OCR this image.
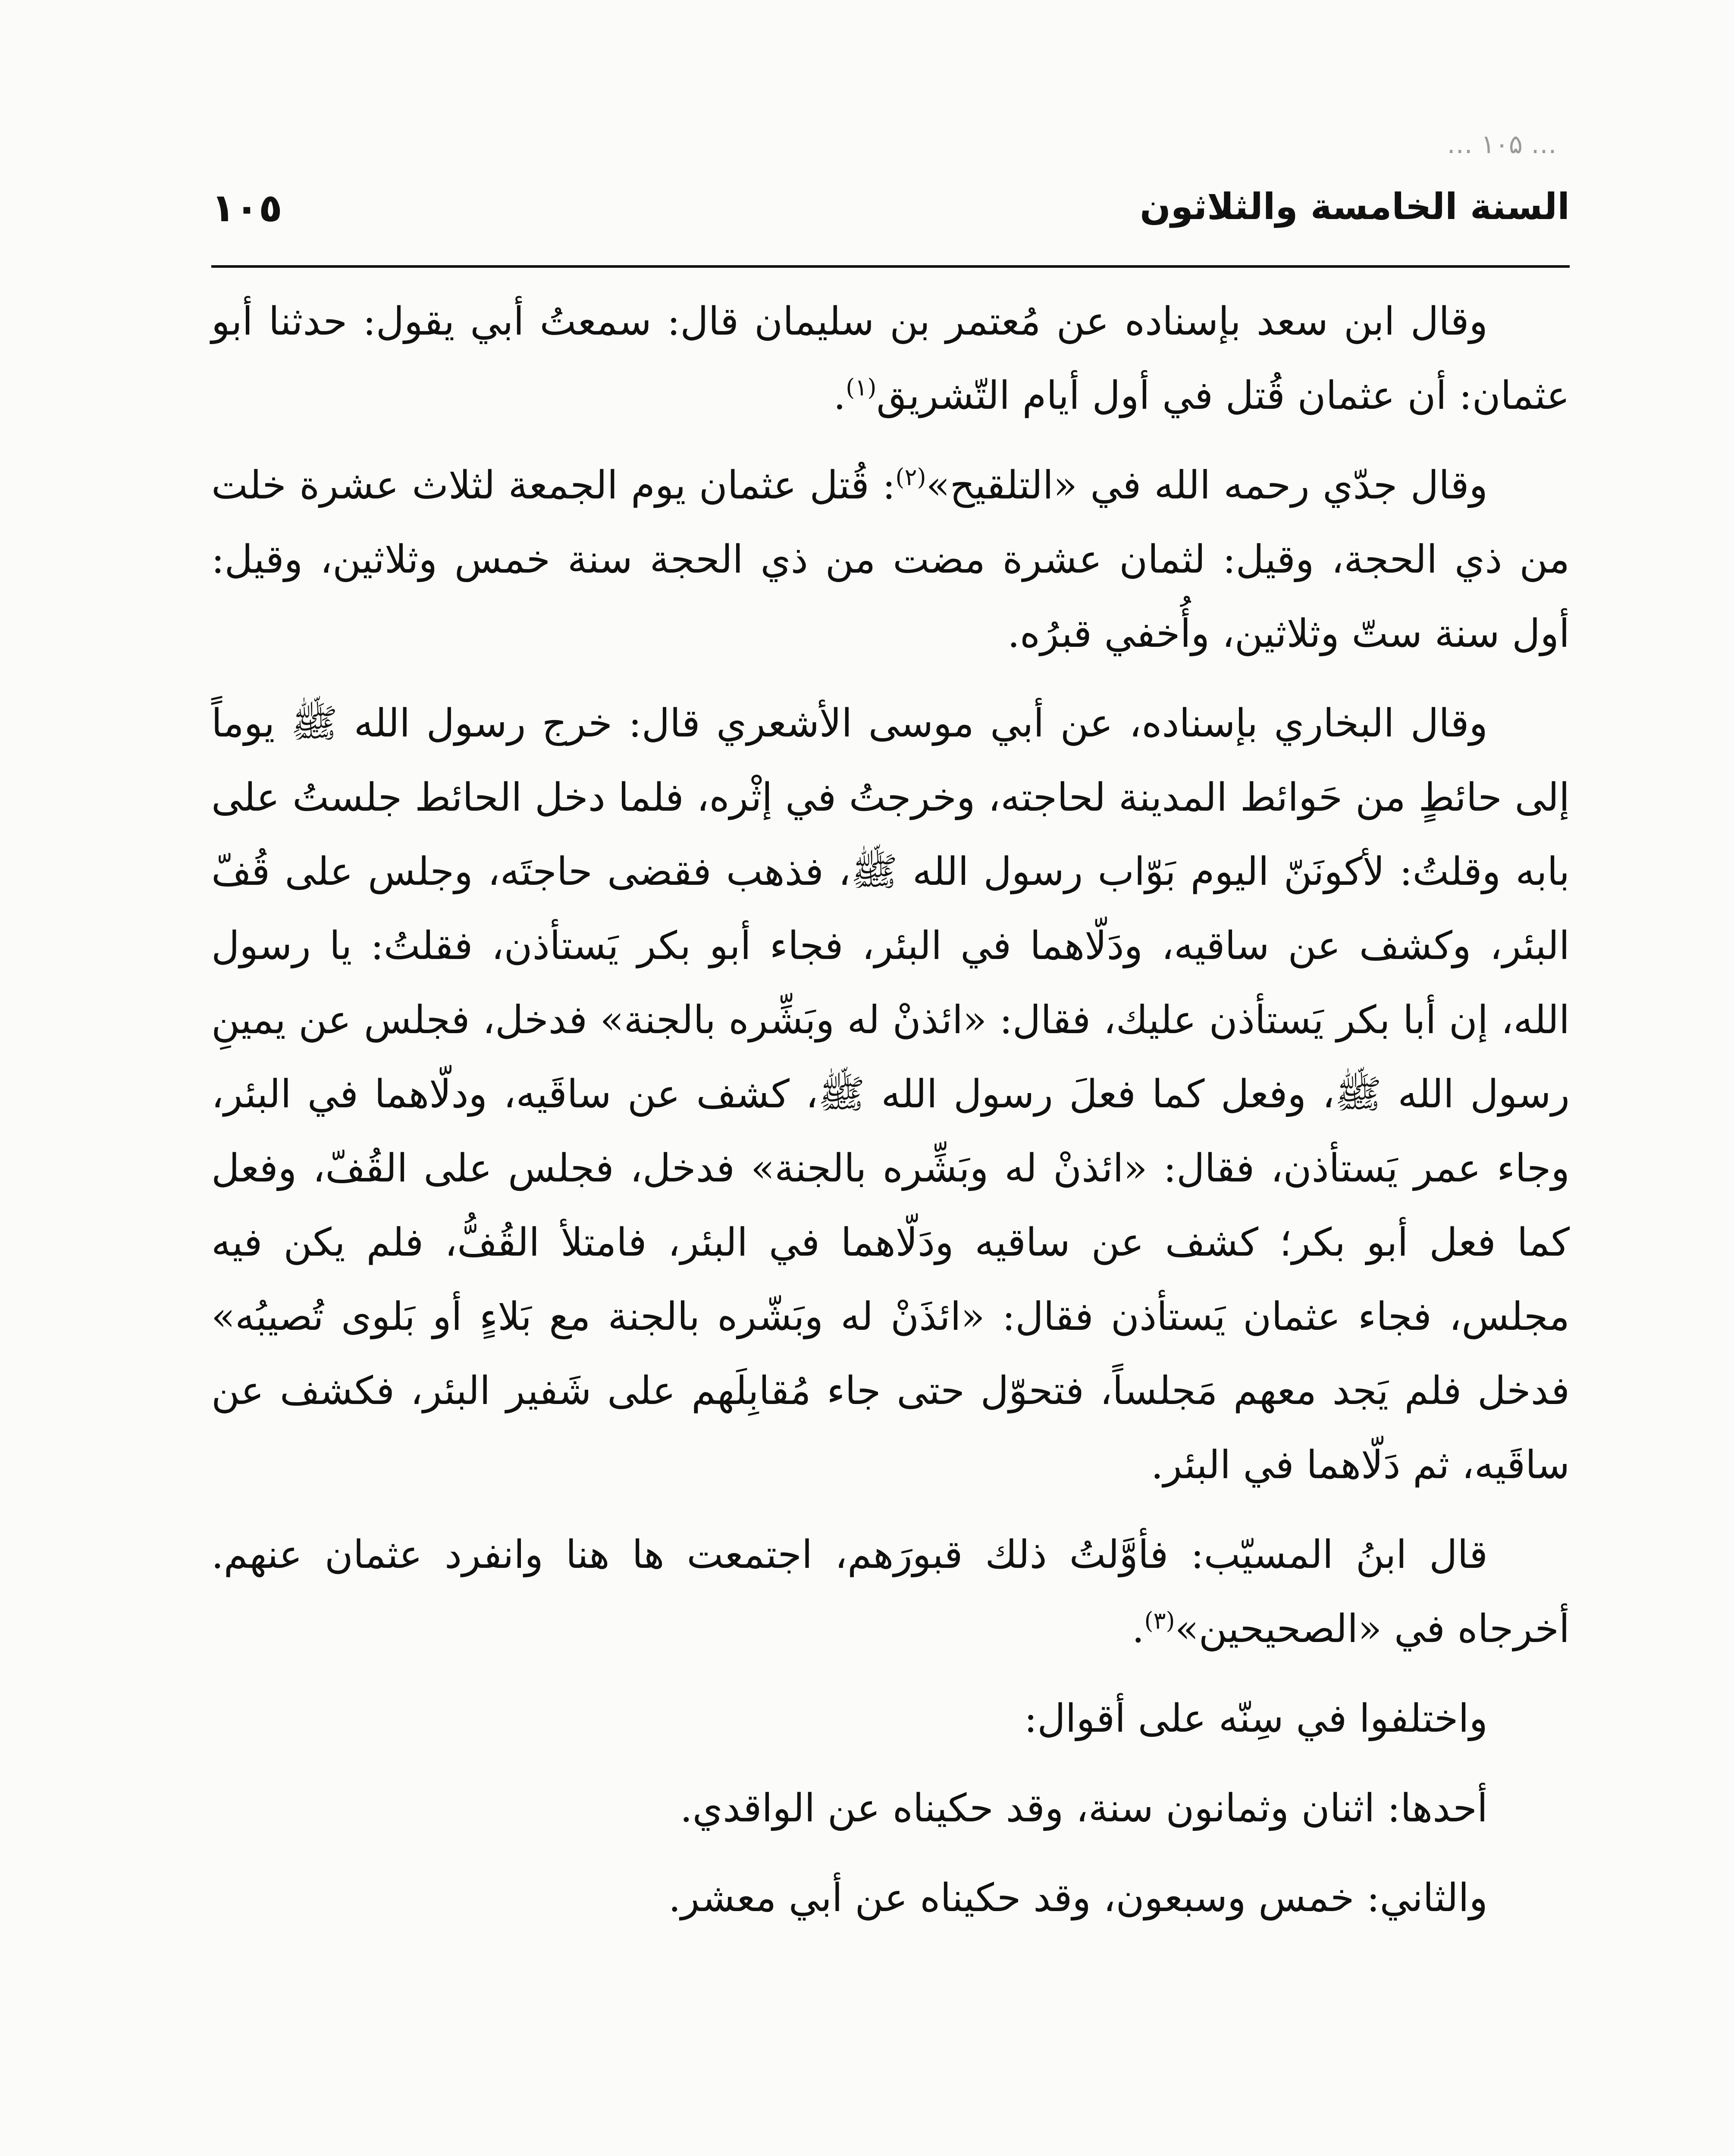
… ۱۰۵ …
السنة الخامسة والثلاثون
١٠٥

وقال ابن سعد بإسناده عن مُعتمر بن سليمان قال: سمعتُ أبي يقول: حدثنا أبو عثمان: أن عثمان قُتل في أول أيام التّشريق$^{(١)}$.

وقال جدّي رحمه الله في «التلقيح»$^{(٢)}$: قُتل عثمان يوم الجمعة لثلاث عشرة خلت من ذي الحجة، وقيل: لثمان عشرة مضت من ذي الحجة سنة خمس وثلاثين، وقيل: أول سنة ستّ وثلاثين، وأُخفي قبرُه.

وقال البخاري بإسناده، عن أبي موسى الأشعري قال: خرج رسول الله ﷺ يوماً إلى حائطٍ من حَوائط المدينة لحاجته، وخرجتُ في إثْره، فلما دخل الحائط جلستُ على بابه وقلتُ: لأكونَنّ اليوم بَوّاب رسول الله ﷺ، فذهب فقضى حاجتَه، وجلس على قُفّ البئر، وكشف عن ساقيه، ودَلّاهما في البئر، فجاء أبو بكر يَستأذن، فقلتُ: يا رسول الله، إن أبا بكر يَستأذن عليك، فقال: «ائذنْ له وبَشِّره بالجنة» فدخل، فجلس عن يمينِ رسول الله ﷺ، وفعل كما فعلَ رسول الله ﷺ، كشف عن ساقَيه، ودلّاهما في البئر، وجاء عمر يَستأذن، فقال: «ائذنْ له وبَشِّره بالجنة» فدخل، فجلس على القُفّ، وفعل كما فعل أبو بكر؛ كشف عن ساقيه ودَلّاهما في البئر، فامتلأ القُفُّ، فلم يكن فيه مجلس، فجاء عثمان يَستأذن فقال: «ائذَنْ له وبَشّره بالجنة مع بَلاءٍ أو بَلوى تُصيبُه» فدخل فلم يَجد معهم مَجلساً، فتحوّل حتى جاء مُقابِلَهم على شَفير البئر، فكشف عن ساقَيه، ثم دَلّاهما في البئر.

قال ابنُ المسيّب: فأوَّلتُ ذلك قبورَهم، اجتمعت ها هنا وانفرد عثمان عنهم. أخرجاه في «الصحيحين»$^{(٣)}$.

واختلفوا في سِنّه على أقوال:

أحدها: اثنان وثمانون سنة، وقد حكيناه عن الواقدي.

والثاني: خمس وسبعون، وقد حكيناه عن أبي معشر.
